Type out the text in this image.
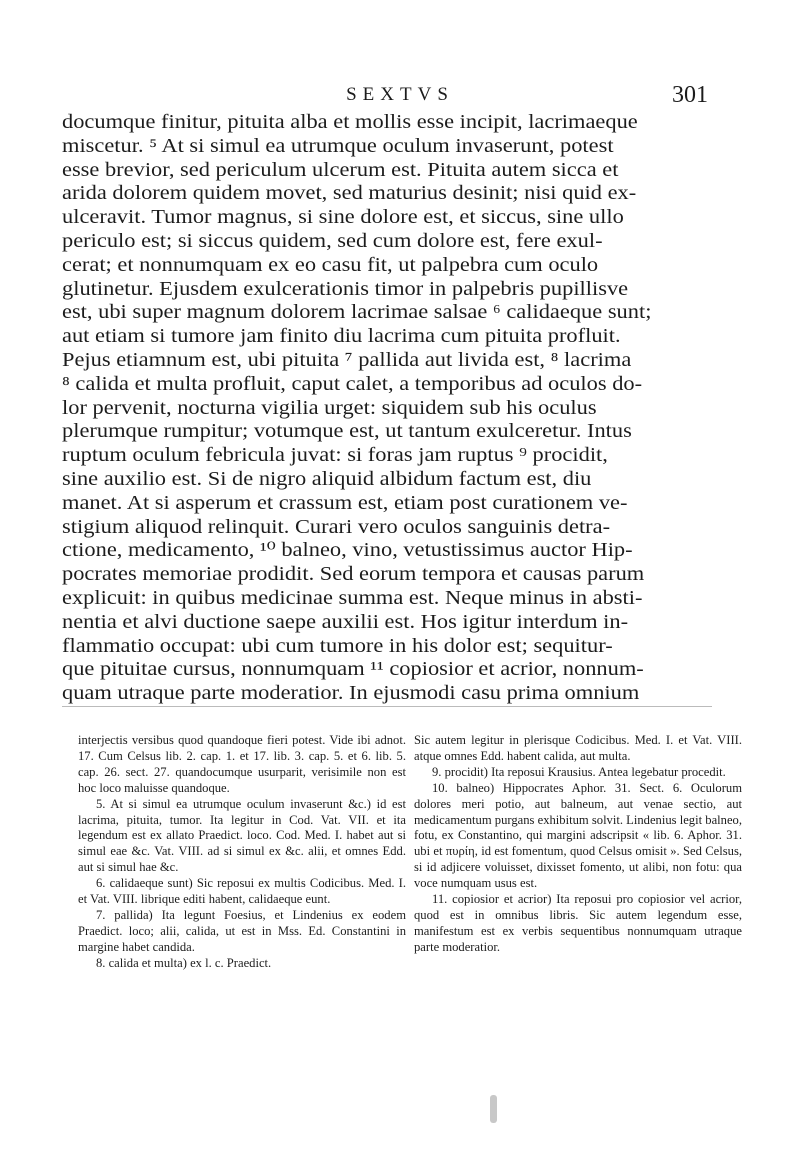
SEXTVS	301
documque finitur, pituita alba et mollis esse incipit, lacrimaeque
miscetur. ⁵ At si simul ea utrumque oculum invaserunt, potest
esse brevior, sed periculum ulcerum est. Pituita autem sicca et
arida dolorem quidem movet, sed maturius desinit; nisi quid ex-
ulceravit. Tumor magnus, si sine dolore est, et siccus, sine ullo
periculo est; si siccus quidem, sed cum dolore est, fere exul-
cerat; et nonnumquam ex eo casu fit, ut palpebra cum oculo
glutinetur. Ejusdem exulcerationis timor in palpebris pupillisve
est, ubi super magnum dolorem lacrimae salsae ⁶ calidaeque sunt;
aut etiam si tumore jam finito diu lacrima cum pituita profluit.
Pejus etiamnum est, ubi pituita ⁷ pallida aut livida est, ⁸ lacrima
⁸ calida et multa profluit, caput calet, a temporibus ad oculos do-
lor pervenit, nocturna vigilia urget: siquidem sub his oculus
plerumque rumpitur; votumque est, ut tantum exulceretur. Intus
ruptum oculum febricula juvat: si foras jam ruptus ⁹ procidit,
sine auxilio est. Si de nigro aliquid albidum factum est, diu
manet. At si asperum et crassum est, etiam post curationem ve-
stigium aliquod relinquit. Curari vero oculos sanguinis detra-
ctione, medicamento, ¹⁰ balneo, vino, vetustissimus auctor Hip-
pocrates memoriae prodidit. Sed eorum tempora et causas parum
explicuit: in quibus medicinae summa est. Neque minus in absti-
nentia et alvi ductione saepe auxilii est. Hos igitur interdum in-
flammatio occupat: ubi cum tumore in his dolor est; sequitur-
que pituitae cursus, nonnumquam ¹¹ copiosior et acrior, nonnum-
quam utraque parte moderatior. In ejusmodi casu prima omnium
interjectis versibus quod quandoque fieri potest. Vide ibi adnot. 17. Cum Celsus lib. 2. cap. 1. et 17. lib. 3. cap. 5. et 6. lib. 5. cap. 26. sect. 27. quandocumque usurparit, verisimile non est hoc loco maluisse quandoque.
5. At si simul ea utrumque oculum invaserunt &c.) id est lacrima, pituita, tumor. Ita legitur in Cod. Vat. VII. et ita legendum est ex allato Praedict. loco. Cod. Med. I. habet aut si simul eae &c. Vat. VIII. ad si simul ex &c. alii, et omnes Edd. aut si simul hae &c.
6. calidaeque sunt) Sic reposui ex multis Codicibus. Med. I. et Vat. VIII. librique editi habent, calidaeque eunt.
7. pallida) Ita legunt Foesius, et Lindenius ex eodem Praedict. loco; alii, calida, ut est in Mss. Ed. Constantini in margine habet candida.
8. calida et multa) ex l. c. Praedict.
Sic autem legitur in plerisque Codicibus. Med. I. et Vat. VIII. atque omnes Edd. habent calida, aut multa.
9. procidit) Ita reposui Krausius. Antea legebatur procedit.
10. balneo) Hippocrates Aphor. 31. Sect. 6. Oculorum dolores meri potio, aut balneum, aut venae sectio, aut medicamentum purgans exhibitum solvit. Lindenius legit balneo, fotu, ex Constantino, qui margini adscripsit « lib. 6. Aphor. 31. ubi et πυρίη, id est fomentum, quod Celsus omisit ». Sed Celsus, si id adjicere voluisset, dixisset fomento, ut alibi, non fotu: qua voce numquam usus est.
11. copiosior et acrior) Ita reposui pro copiosior vel acrior, quod est in omnibus libris. Sic autem legendum esse, manifestum est ex verbis sequentibus nonnumquam utraque parte moderatior.
